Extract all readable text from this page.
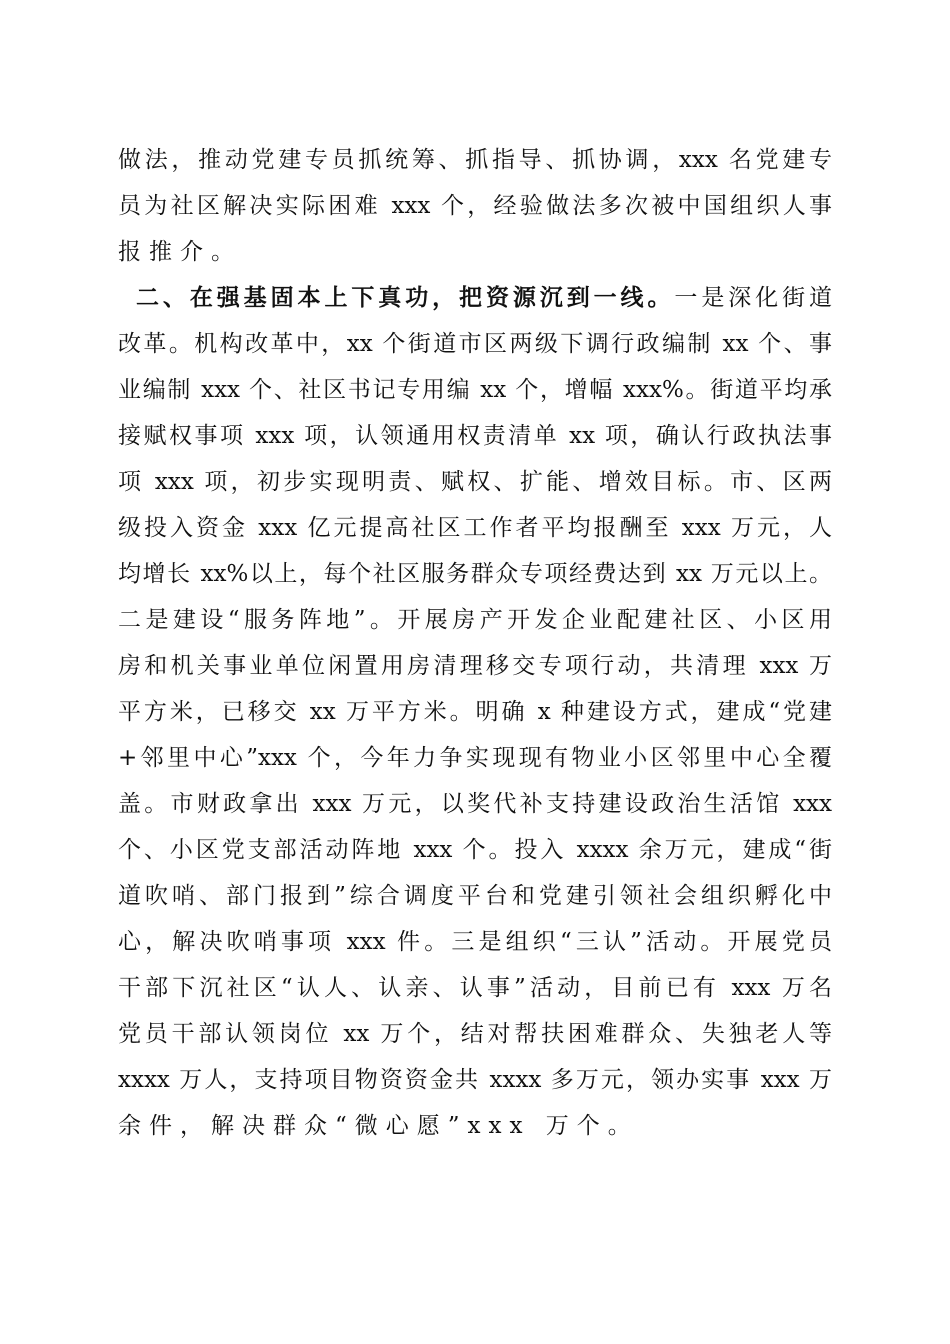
做法，推动党建专员抓统筹、抓指导、抓协调，xxx 名党建专
员为社区解决实际困难 xxx 个，经验做法多次被中国组织人事
报推介。
二、在强基固本上下真功，把资源沉到一线。一是深化街道
改革。机构改革中，xx 个街道市区两级下调行政编制 xx 个、事
业编制 xxx 个、社区书记专用编 xx 个，增幅 xxx%。街道平均承
接赋权事项 xxx 项，认领通用权责清单 xx 项，确认行政执法事
项 xxx 项，初步实现明责、赋权、扩能、增效目标。市、区两
级投入资金 xxx 亿元提高社区工作者平均报酬至 xxx 万元，人
均增长 xx%以上，每个社区服务群众专项经费达到 xx 万元以上。
二是建设“服务阵地”。开展房产开发企业配建社区、小区用
房和机关事业单位闲置用房清理移交专项行动，共清理 xxx 万
平方米，已移交 xx 万平方米。明确 x 种建设方式，建成“党建
+邻里中心”xxx 个，今年力争实现现有物业小区邻里中心全覆
盖。市财政拿出 xxx 万元，以奖代补支持建设政治生活馆 xxx
个、小区党支部活动阵地 xxx 个。投入 xxxx 余万元，建成“街
道吹哨、部门报到”综合调度平台和党建引领社会组织孵化中
心，解决吹哨事项 xxx 件。三是组织“三认”活动。开展党员
干部下沉社区“认人、认亲、认事”活动，目前已有 xxx 万名
党员干部认领岗位 xx 万个，结对帮扶困难群众、失独老人等
xxxx 万人，支持项目物资资金共 xxxx 多万元，领办实事 xxx 万
余件，解决群众“微心愿”xxx 万个。
